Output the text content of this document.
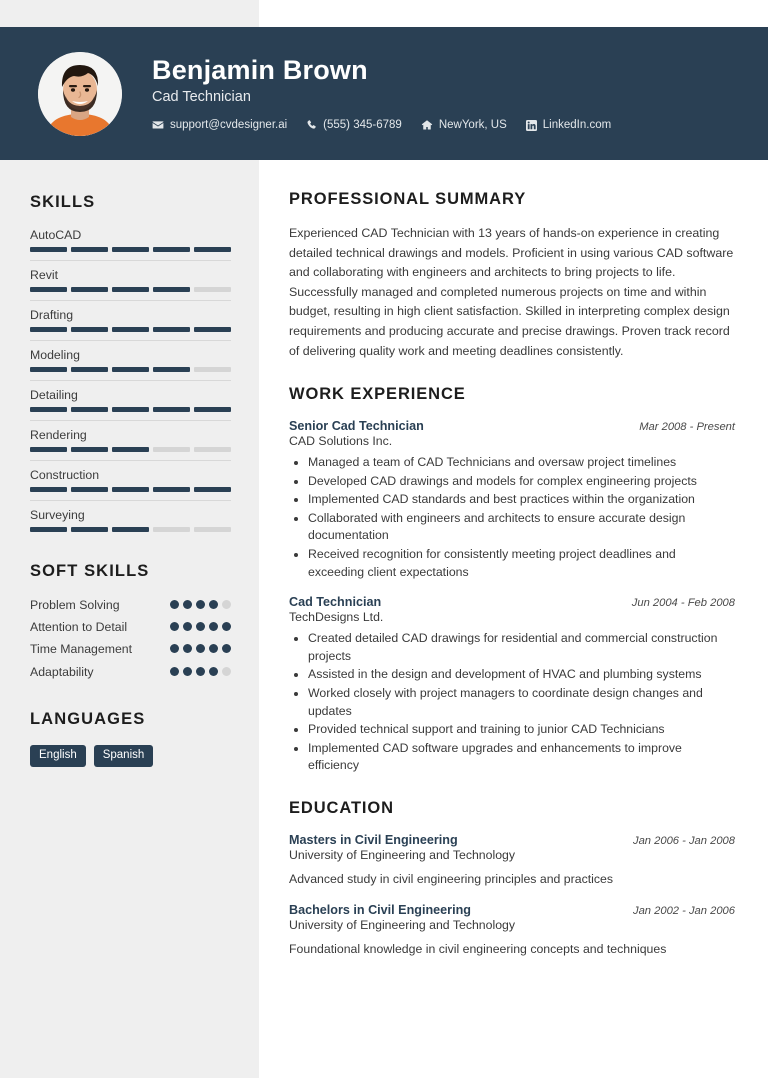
Benjamin Brown
Cad Technician
support@cvdesigner.ai	(555) 345-6789	NewYork, US	LinkedIn.com
SKILLS
AutoCAD
Revit
Drafting
Modeling
Detailing
Rendering
Construction
Surveying
SOFT SKILLS
Problem Solving
Attention to Detail
Time Management
Adaptability
LANGUAGES
English	Spanish
PROFESSIONAL SUMMARY
Experienced CAD Technician with 13 years of hands-on experience in creating detailed technical drawings and models. Proficient in using various CAD software and collaborating with engineers and architects to bring projects to life. Successfully managed and completed numerous projects on time and within budget, resulting in high client satisfaction. Skilled in interpreting complex design requirements and producing accurate and precise drawings. Proven track record of delivering quality work and meeting deadlines consistently.
WORK EXPERIENCE
Senior Cad Technician	Mar 2008 - Present
CAD Solutions Inc.
• Managed a team of CAD Technicians and oversaw project timelines
• Developed CAD drawings and models for complex engineering projects
• Implemented CAD standards and best practices within the organization
• Collaborated with engineers and architects to ensure accurate design documentation
• Received recognition for consistently meeting project deadlines and exceeding client expectations
Cad Technician	Jun 2004 - Feb 2008
TechDesigns Ltd.
• Created detailed CAD drawings for residential and commercial construction projects
• Assisted in the design and development of HVAC and plumbing systems
• Worked closely with project managers to coordinate design changes and updates
• Provided technical support and training to junior CAD Technicians
• Implemented CAD software upgrades and enhancements to improve efficiency
EDUCATION
Masters in Civil Engineering	Jan 2006 - Jan 2008
University of Engineering and Technology
Advanced study in civil engineering principles and practices
Bachelors in Civil Engineering	Jan 2002 - Jan 2006
University of Engineering and Technology
Foundational knowledge in civil engineering concepts and techniques
